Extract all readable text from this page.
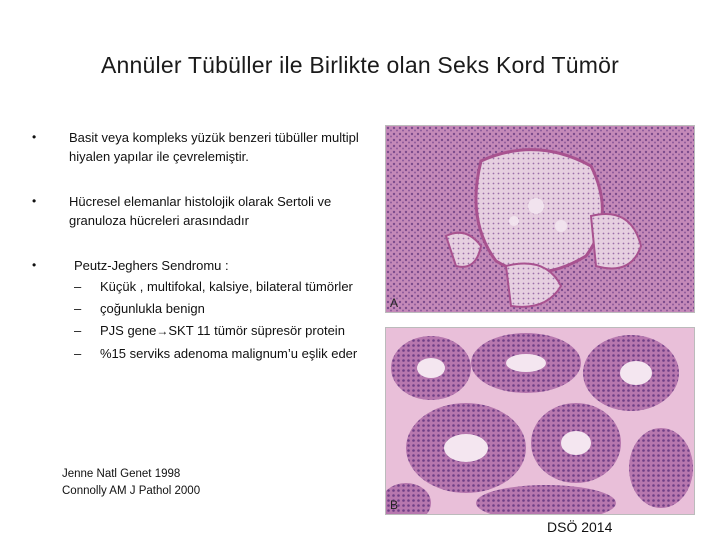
Annüler Tübüller ile Birlikte olan Seks Kord Tümör
•	Basit veya kompleks yüzük benzeri tübüller multipl hiyalen yapılar ile çevrelemiştir.
•	Hücresel elemanlar histolojik olarak Sertoli ve granuloza hücreleri arasındadır
•	Peutz-Jeghers Sendromu :
– Küçük , multifokal, kalsiye, bilateral tümörler
– çoğunlukla benign
– PJS gene→SKT 11 tümör süpresör protein
– %15 serviks adenoma malignum’u eşlik eder
Jenne Natl Genet 1998
Connolly AM J Pathol 2000
A
B
DSÖ 2014
